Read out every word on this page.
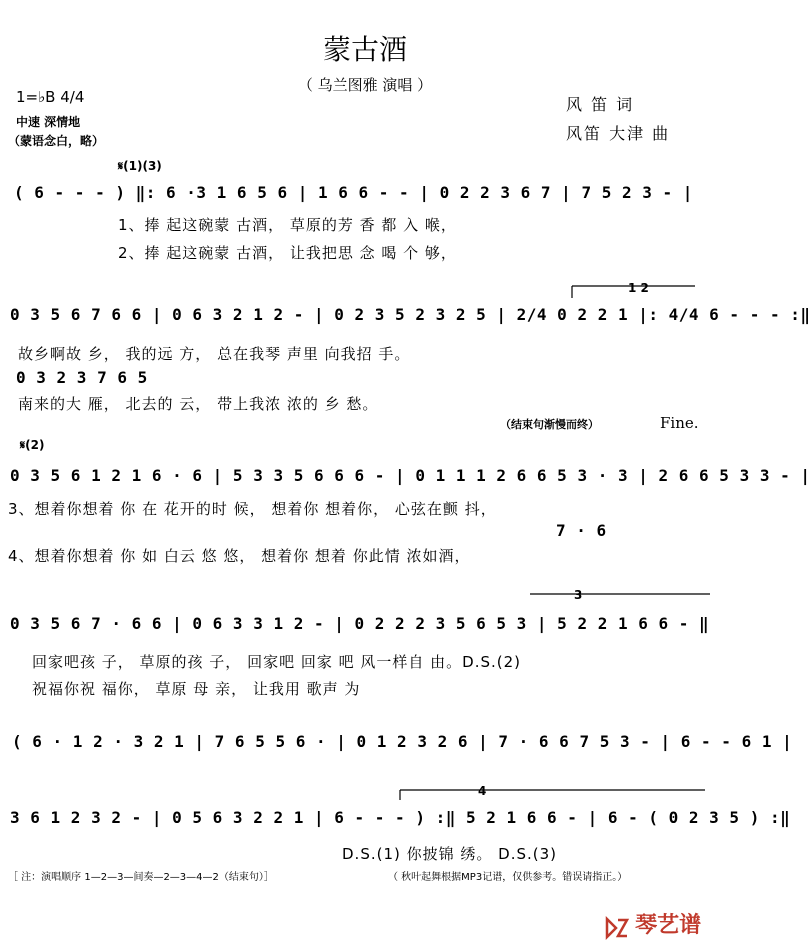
蒙古酒
（ 乌兰图雅 演唱 ）
1=♭B 4/4
中速 深情地
（蒙语念白，略）
风 笛 词
风笛 大津 曲
𝄋(1)(3)
𝄋(2)
1 2
3
4
( 6 - - - ) ‖: 6 ·3 1 6 5 6 | 1 6 6 - - | 0 2 2 3 6 7 | 7 5 2 3 - |
1、捧 起这碗蒙 古酒， 草原的芳 香 都 入 喉，
2、捧 起这碗蒙 古酒， 让我把思 念 喝 个 够，
0 3 5 6 7 6 6 | 0 6 3 2 1 2 - | 0 2 3 5 2 3 2 5 | 2/4 0 2 2 1 |: 4/4 6 - - - :‖
故乡啊故 乡， 我的远 方， 总在我琴 声里 向我招 手。
0 3 2 3 7 6 5
南来的大 雁， 北去的 云， 带上我浓 浓的 乡 愁。
（结束句渐慢而终）	Fine.
0 3 5 6 1 2 1 6 · 6 | 5 3 3 5 6 6 6 - | 0 1 1 1 2 6 6 5 3 · 3 | 2 6 6 5 3 3 - |
3、想着你想着 你 在 花开的时 候， 想着你 想着你， 心弦在颤 抖，
7 · 6
4、想着你想着 你 如 白云 悠 悠， 想着你 想着 你此情 浓如酒，
0 3 5 6 7 · 6 6 | 0 6 3 3 1 2 - | 0 2 2 2 3 5 6 5 3 | 5 2 2 1 6 6 - ‖
回家吧孩 子， 草原的孩 子， 回家吧 回家 吧 风一样自 由。D.S.(2)
祝福你祝 福你， 草原 母 亲， 让我用 歌声 为
( 6 · 1 2 · 3 2 1 | 7 6 5 5 6 · | 0 1 2 3 2 6 | 7 · 6 6 7 5 3 - | 6 - - 6 1 |
3 6 1 2 3 2 - | 0 5 6 3 2 2 1 | 6 - - - ) :‖ 5 2 1 6 6 - | 6 - ( 0 2 3 5 ) :‖
D.S.(1) 你披锦 绣。 D.S.(3)
［ 注：演唱顺序 1—2—3—间奏—2—3—4—2（结束句）］	（ 秋叶起舞根据MP3记谱，仅供参考。错误请指正。）
琴艺谱
